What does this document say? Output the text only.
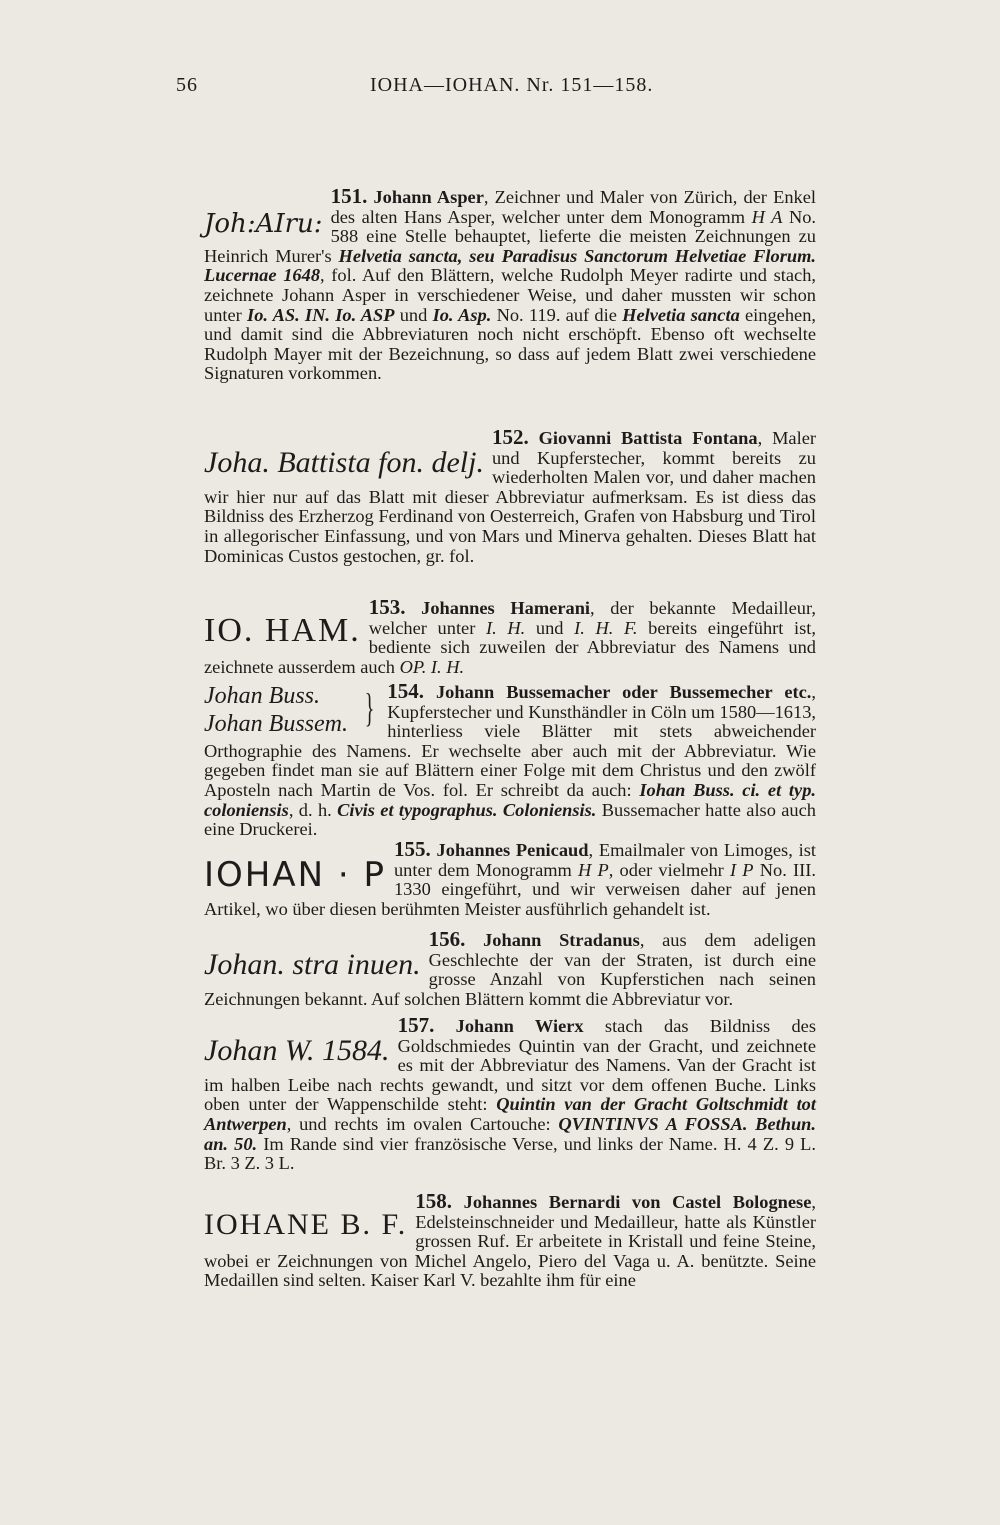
56	IOHA—IOHAN. Nr. 151—158.

Joh:AIru:
151. Johann Asper, Zeichner und Maler von Zürich, der Enkel des alten Hans Asper, welcher unter dem Monogramm H A No. 588 eine Stelle behauptet, lieferte die meisten Zeichnungen zu Heinrich Murer's Helvetia sancta, seu Paradisus Sanctorum Helvetiae Florum. Lucernae 1648, fol. Auf den Blättern, welche Rudolph Meyer radirte und stach, zeichnete Johann Asper in verschiedener Weise, und daher mussten wir schon unter Io. AS. IN. Io. ASP und Io. Asp. No. 119. auf die Helvetia sancta eingehen, und damit sind die Abbreviaturen noch nicht erschöpft. Ebenso oft wechselte Rudolph Mayer mit der Bezeichnung, so dass auf jedem Blatt zwei verschiedene Signaturen vorkommen.

Joha. Battista fon. delj.
152. Giovanni Battista Fontana, Maler und Kupferstecher, kommt bereits zu wiederholten Malen vor, und daher machen wir hier nur auf das Blatt mit dieser Abbreviatur aufmerksam. Es ist diess das Bildniss des Erzherzog Ferdinand von Oesterreich, Grafen von Habsburg und Tirol in allegorischer Einfassung, und von Mars und Minerva gehalten. Dieses Blatt hat Dominicas Custos gestochen, gr. fol.

IO. HAM.
153. Johannes Hamerani, der bekannte Medailleur, welcher unter I. H. und I. H. F. bereits eingeführt ist, bediente sich zuweilen der Abbreviatur des Namens und zeichnete ausserdem auch OP. I. H.

Johan Buss.
Johan Bussem. } 154. Johann Bussemacher oder Bussemecher etc., Kupferstecher und Kunsthändler in Cöln um 1580—1613, hinterliess viele Blätter mit stets abweichender Orthographie des Namens. Er wechselte aber auch mit der Abbreviatur. Wie gegeben findet man sie auf Blättern einer Folge mit dem Christus und den zwölf Aposteln nach Martin de Vos. fol. Er schreibt da auch: Iohan Buss. ci. et typ. coloniensis, d. h. Civis et typographus. Coloniensis. Bussemacher hatte also auch eine Druckerei.

IOHAN · P
155. Johannes Penicaud, Emailmaler von Limoges, ist unter dem Monogramm H P, oder vielmehr I P No. III. 1330 eingeführt, und wir verweisen daher auf jenen Artikel, wo über diesen berühmten Meister ausführlich gehandelt ist.

Johan. stra inuen.
156. Johann Stradanus, aus dem adeligen Geschlechte der van der Straten, ist durch eine grosse Anzahl von Kupferstichen nach seinen Zeichnungen bekannt. Auf solchen Blättern kommt die Abbreviatur vor.

Johan W. 1584.
157. Johann Wierx stach das Bildniss des Goldschmiedes Quintin van der Gracht, und zeichnete es mit der Abbreviatur des Namens. Van der Gracht ist im halben Leibe nach rechts gewandt, und sitzt vor dem offenen Buche. Links oben unter der Wappenschilde steht: Quintin van der Gracht Goltschmidt tot Antwerpen, und rechts im ovalen Cartouche: QVINTINVS A FOSSA. Bethun. an. 50. Im Rande sind vier französische Verse, und links der Name. H. 4 Z. 9 L. Br. 3 Z. 3 L.

IOHANE B. F.
158. Johannes Bernardi von Castel Bolognese, Edelsteinschneider und Medailleur, hatte als Künstler grossen Ruf. Er arbeitete in Kristall und feine Steine, wobei er Zeichnungen von Michel Angelo, Piero del Vaga u. A. benützte. Seine Medaillen sind selten. Kaiser Karl V. bezahlte ihm für eine
